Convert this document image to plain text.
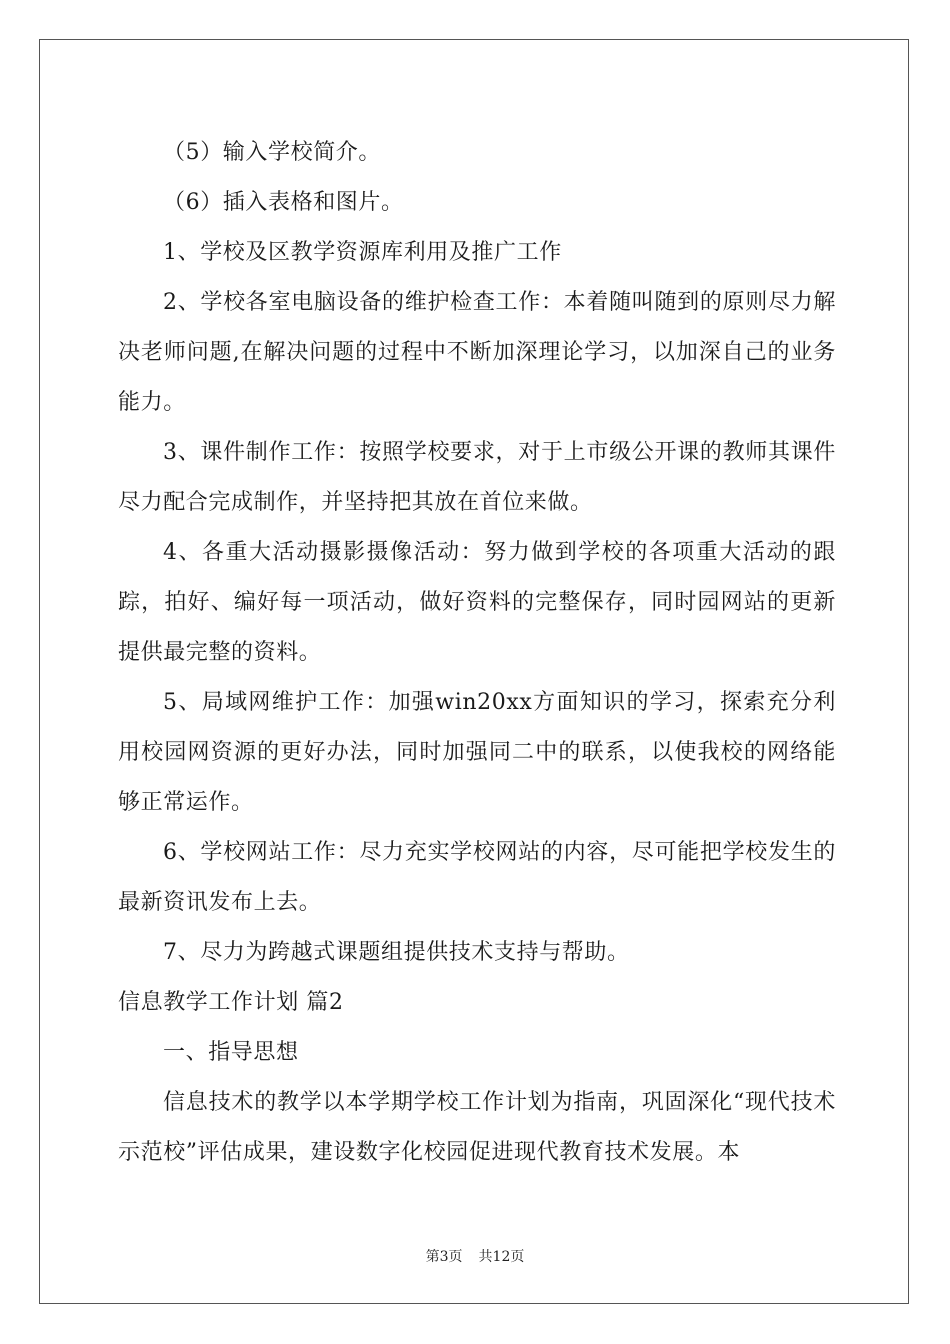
（5）输入学校简介。

（6）插入表格和图片。

1、学校及区教学资源库利用及推广工作

2、学校各室电脑设备的维护检查工作：本着随叫随到的原则尽力解决老师问题,在解决问题的过程中不断加深理论学习，以加深自己的业务能力。

3、课件制作工作：按照学校要求，对于上市级公开课的教师其课件尽力配合完成制作，并坚持把其放在首位来做。

4、各重大活动摄影摄像活动：努力做到学校的各项重大活动的跟踪，拍好、编好每一项活动，做好资料的完整保存，同时园网站的更新提供最完整的资料。

5、局域网维护工作：加强win20xx方面知识的学习，探索充分利用校园网资源的更好办法，同时加强同二中的联系，以使我校的网络能够正常运作。

6、学校网站工作：尽力充实学校网站的内容，尽可能把学校发生的最新资讯发布上去。

7、尽力为跨越式课题组提供技术支持与帮助。

信息教学工作计划 篇2

一、指导思想

信息技术的教学以本学期学校工作计划为指南，巩固深化“现代技术示范校”评估成果，建设数字化校园促进现代教育技术发展。本

第3页 共12页
